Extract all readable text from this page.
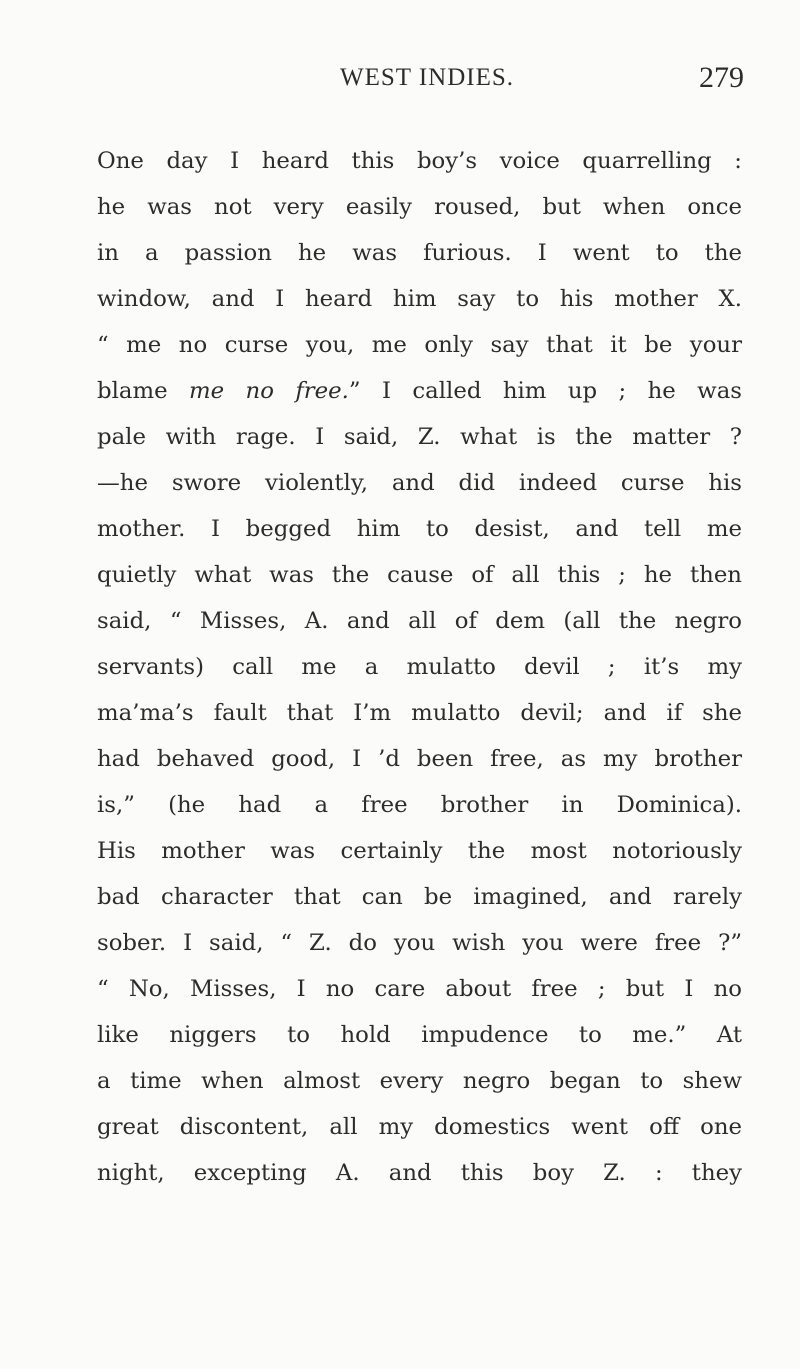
WEST INDIES.	279
One day I heard this boy’s voice quarrelling :
he was not very easily roused, but when once
in a passion he was furious. I went to the
window, and I heard him say to his mother X.
“ me no curse you, me only say that it be your
blame me no free.” I called him up ; he was
pale with rage. I said, Z. what is the matter ?
—he swore violently, and did indeed curse his
mother. I begged him to desist, and tell me
quietly what was the cause of all this ; he then
said, “ Misses, A. and all of dem (all the negro
servants) call me a mulatto devil ; it’s my
ma’ma’s fault that I’m mulatto devil; and if she
had behaved good, I ’d been free, as my brother
is,” (he had a free brother in Dominica).
His mother was certainly the most notoriously
bad character that can be imagined, and rarely
sober. I said, “ Z. do you wish you were free ?”
“ No, Misses, I no care about free ; but I no
like niggers to hold impudence to me.” At
a time when almost every negro began to shew
great discontent, all my domestics went off one
night, excepting A. and this boy Z. : they
